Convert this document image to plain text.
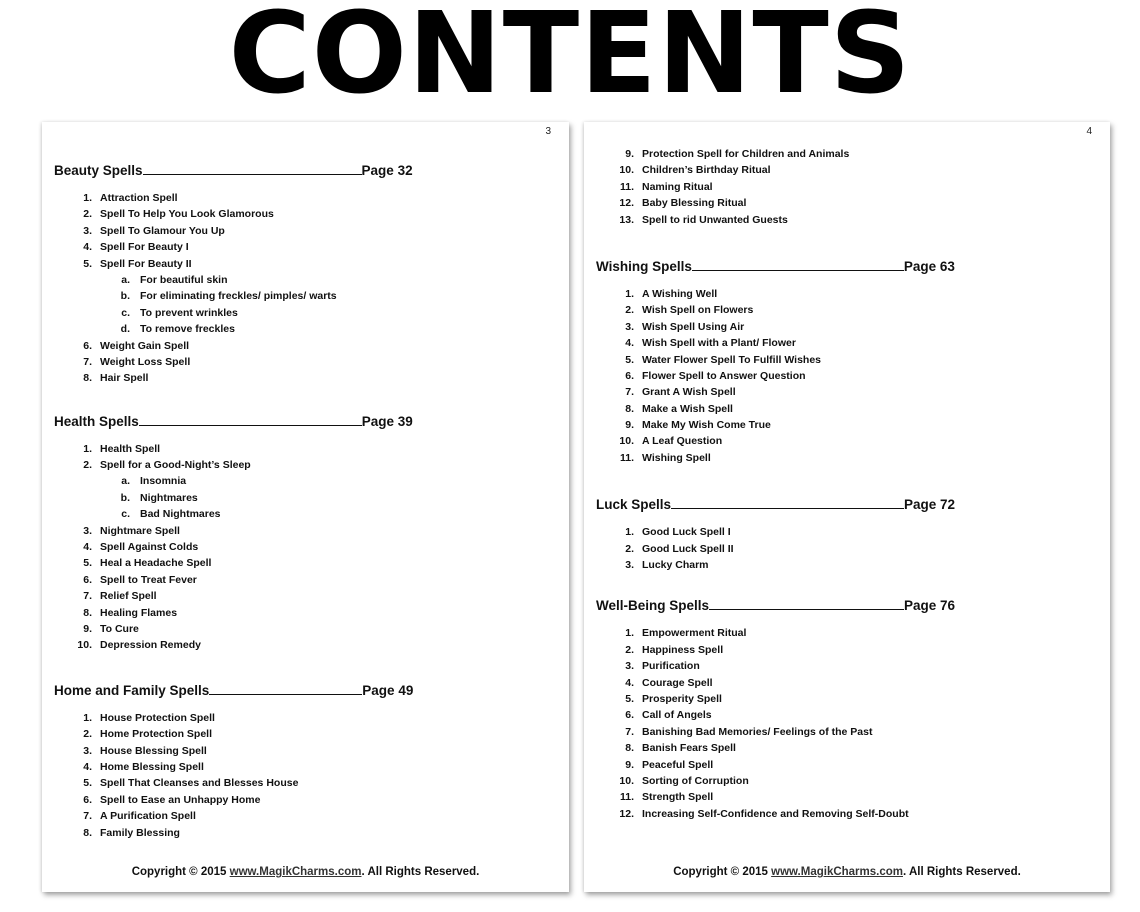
CONTENTS
3
Beauty Spells	Page 32
1. Attraction Spell
2. Spell To Help You Look Glamorous
3. Spell To Glamour You Up
4. Spell For Beauty I
5. Spell For Beauty II
a. For beautiful skin
b. For eliminating freckles/ pimples/ warts
c. To prevent wrinkles
d. To remove freckles
6. Weight Gain Spell
7. Weight Loss Spell
8. Hair Spell
Health Spells	Page 39
1. Health Spell
2. Spell for a Good-Night’s Sleep
a. Insomnia
b. Nightmares
c. Bad Nightmares
3. Nightmare Spell
4. Spell Against Colds
5. Heal a Headache Spell
6. Spell to Treat Fever
7. Relief Spell
8. Healing Flames
9. To Cure
10. Depression Remedy
Home and Family Spells	Page 49
1. House Protection Spell
2. Home Protection Spell
3. House Blessing Spell
4. Home Blessing Spell
5. Spell That Cleanses and Blesses House
6. Spell to Ease an Unhappy Home
7. A Purification Spell
8. Family Blessing
Copyright © 2015 www.MagikCharms.com. All Rights Reserved.
4
9. Protection Spell for Children and Animals
10. Children’s Birthday Ritual
11. Naming Ritual
12. Baby Blessing Ritual
13. Spell to rid Unwanted Guests
Wishing Spells	Page 63
1. A Wishing Well
2. Wish Spell on Flowers
3. Wish Spell Using Air
4. Wish Spell with a Plant/ Flower
5. Water Flower Spell To Fulfill Wishes
6. Flower Spell to Answer Question
7. Grant A Wish Spell
8. Make a Wish Spell
9. Make My Wish Come True
10. A Leaf Question
11. Wishing Spell
Luck Spells	Page 72
1. Good Luck Spell I
2. Good Luck Spell II
3. Lucky Charm
Well-Being Spells	Page 76
1. Empowerment Ritual
2. Happiness Spell
3. Purification
4. Courage Spell
5. Prosperity Spell
6. Call of Angels
7. Banishing Bad Memories/ Feelings of the Past
8. Banish Fears Spell
9. Peaceful Spell
10. Sorting of Corruption
11. Strength Spell
12. Increasing Self-Confidence and Removing Self-Doubt
Copyright © 2015 www.MagikCharms.com. All Rights Reserved.
